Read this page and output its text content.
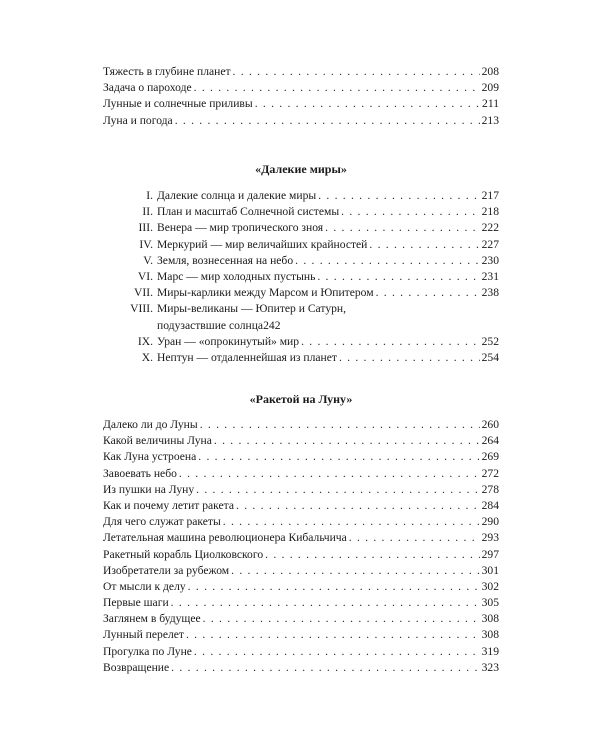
Тяжесть в глубине планет . . .	208
Задача о пароходе . . .	209
Лунные и солнечные приливы . . .	211
Луна и погода . . .	213
«Далекие миры»
I. Далекие солнца и далекие миры . . .	217
II. План и масштаб Солнечной системы . . .	218
III. Венера — мир тропического зноя . . .	222
IV. Меркурий — мир величайших крайностей . . .	227
V. Земля, вознесенная на небо . . .	230
VI. Марс — мир холодных пустынь . . .	231
VII. Миры-карлики между Марсом и Юпитером . . .	238
VIII. Миры-великаны — Юпитер и Сатурн,
подузаствшие солнца 242
IX. Уран — «опрокинутый» мир . . .	252
X. Нептун — отдаленнейшая из планет . . .	254
«Ракетой на Луну»
Далеко ли до Луны . . .	260
Какой величины Луна . . .	264
Как Луна устроена . . .	269
Завоевать небо . . .	272
Из пушки на Луну . . .	278
Как и почему летит ракета . . .	284
Для чего служат ракеты . . .	290
Летательная машина революционера Кибальчича . . .	293
Ракетный корабль Циолковского . . .	297
Изобретатели за рубежом . . .	301
От мысли к делу . . .	302
Первые шаги . . .	305
Заглянем в будущее . . .	308
Лунный перелет . . .	308
Прогулка по Луне . . .	319
Возвращение . . .	323
